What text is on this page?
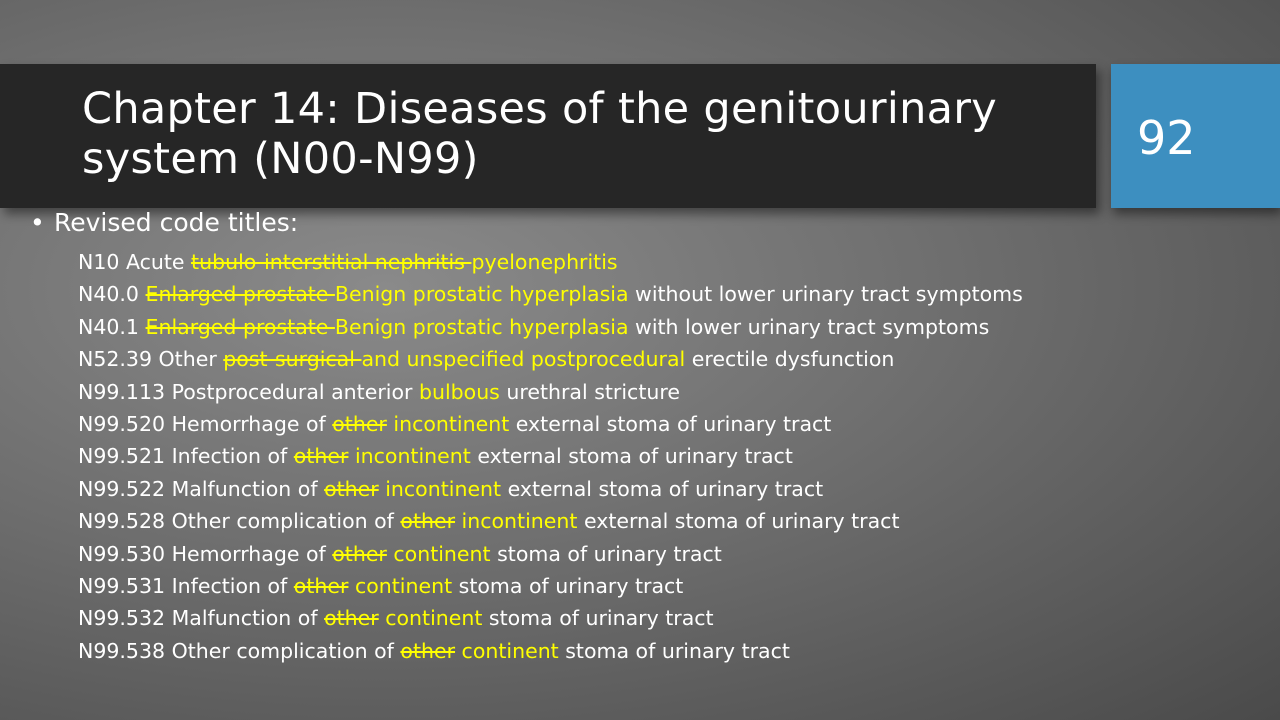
Chapter 14: Diseases of the genitourinary system (N00-N99)	92
• Revised code titles:
N10 Acute tubulo-interstitial nephritis pyelonephritis
N40.0 Enlarged prostate Benign prostatic hyperplasia without lower urinary tract symptoms
N40.1 Enlarged prostate Benign prostatic hyperplasia with lower urinary tract symptoms
N52.39 Other post-surgical and unspecified postprocedural erectile dysfunction
N99.113 Postprocedural anterior bulbous urethral stricture
N99.520 Hemorrhage of other incontinent external stoma of urinary tract
N99.521 Infection of other incontinent external stoma of urinary tract
N99.522 Malfunction of other incontinent external stoma of urinary tract
N99.528 Other complication of other incontinent external stoma of urinary tract
N99.530 Hemorrhage of other continent stoma of urinary tract
N99.531 Infection of other continent stoma of urinary tract
N99.532 Malfunction of other continent stoma of urinary tract
N99.538 Other complication of other continent stoma of urinary tract
